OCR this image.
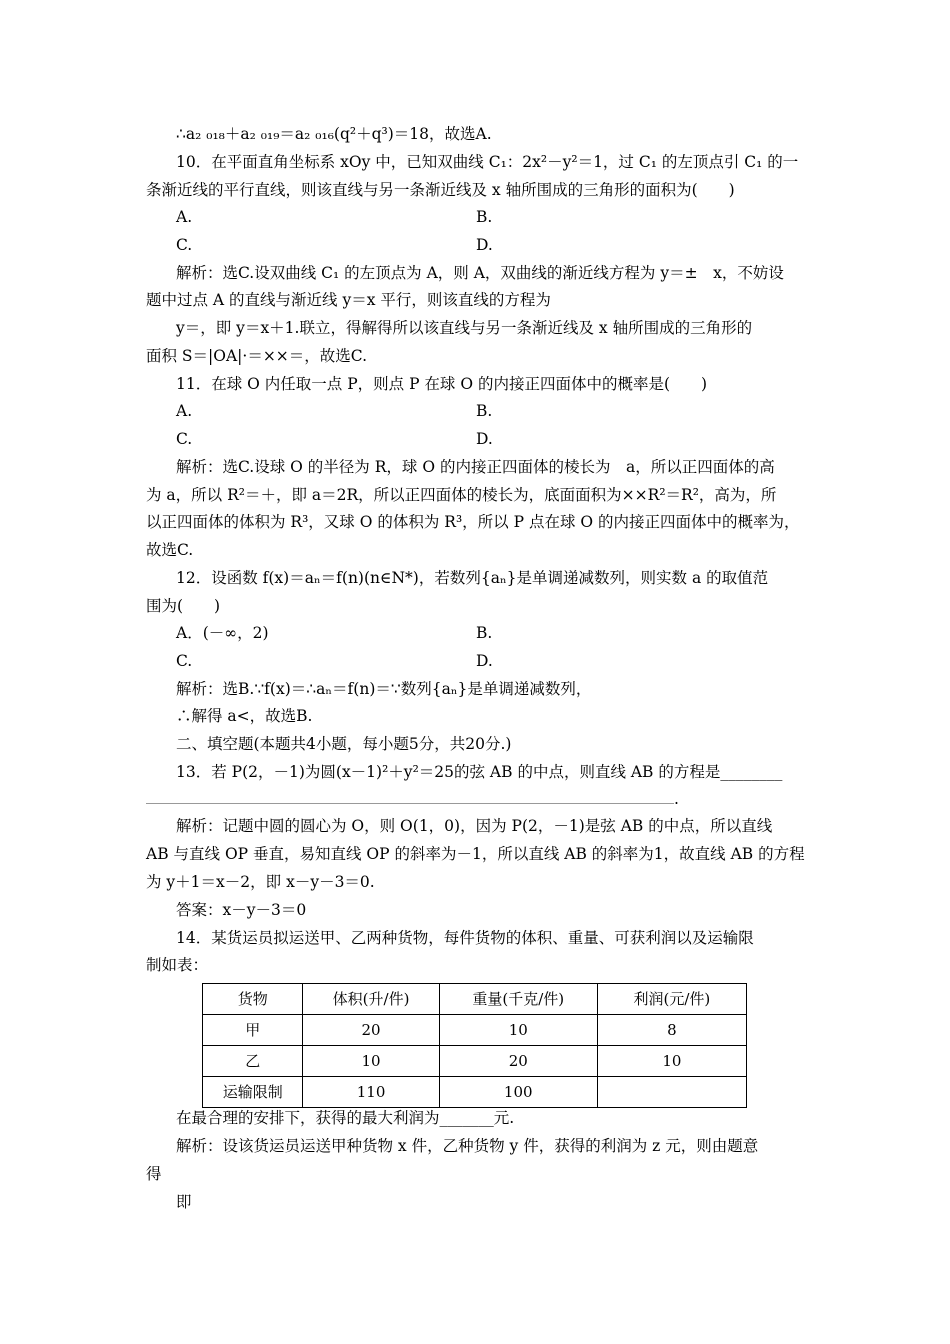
∴a₂ ₀₁₈＋a₂ ₀₁₉＝a₂ ₀₁₆(q²＋q³)＝18，故选A.
10．在平面直角坐标系 xOy 中，已知双曲线 C₁：2x²－y²＝1，过 C₁ 的左顶点引 C₁ 的一
条渐近线的平行直线，则该直线与另一条渐近线及 x 轴所围成的三角形的面积为(　　)
A.	B.
C.	D.
解析：选C.设双曲线 C₁ 的左顶点为 A，则 A，双曲线的渐近线方程为 y＝±　x，不妨设
题中过点 A 的直线与渐近线 y＝x 平行，则该直线的方程为
y＝，即 y＝x＋1.联立，得解得所以该直线与另一条渐近线及 x 轴所围成的三角形的
面积 S＝|OA|·＝××＝，故选C.
11．在球 O 内任取一点 P，则点 P 在球 O 的内接正四面体中的概率是(　　)
A.	B.
C.	D.
解析：选C.设球 O 的半径为 R，球 O 的内接正四面体的棱长为　a，所以正四面体的高
为 a，所以 R²＝＋，即 a＝2R，所以正四面体的棱长为，底面面积为××R²＝R²，高为，所
以正四面体的体积为 R³，又球 O 的体积为 R³，所以 P 点在球 O 的内接正四面体中的概率为，
故选C.
12．设函数 f(x)＝aₙ＝f(n)(n∈N*)，若数列{aₙ}是单调递减数列，则实数 a 的取值范
围为(　　)
A．(－∞，2)	B.
C.	D.
解析：选B.∵f(x)＝∴aₙ＝f(n)＝∵数列{aₙ}是单调递减数列，
∴解得 a<，故选B.
二、填空题(本题共4小题，每小题5分，共20分.)
13．若 P(2，－1)为圆(x－1)²＋y²＝25的弦 AB 的中点，则直线 AB 的方程是________
.
解析：记题中圆的圆心为 O，则 O(1，0)，因为 P(2，－1)是弦 AB 的中点，所以直线
AB 与直线 OP 垂直，易知直线 OP 的斜率为－1，所以直线 AB 的斜率为1，故直线 AB 的方程
为 y＋1＝x－2，即 x－y－3＝0.
答案：x－y－3＝0
14．某货运员拟运送甲、乙两种货物，每件货物的体积、重量、可获利润以及运输限
制如表：
货物	体积(升/件)	重量(千克/件)	利润(元/件)
甲	20	10	8
乙	10	20	10
运输限制	110	100	
在最合理的安排下，获得的最大利润为_______元.
解析：设该货运员运送甲种货物 x 件，乙种货物 y 件，获得的利润为 z 元，则由题意
得
即
